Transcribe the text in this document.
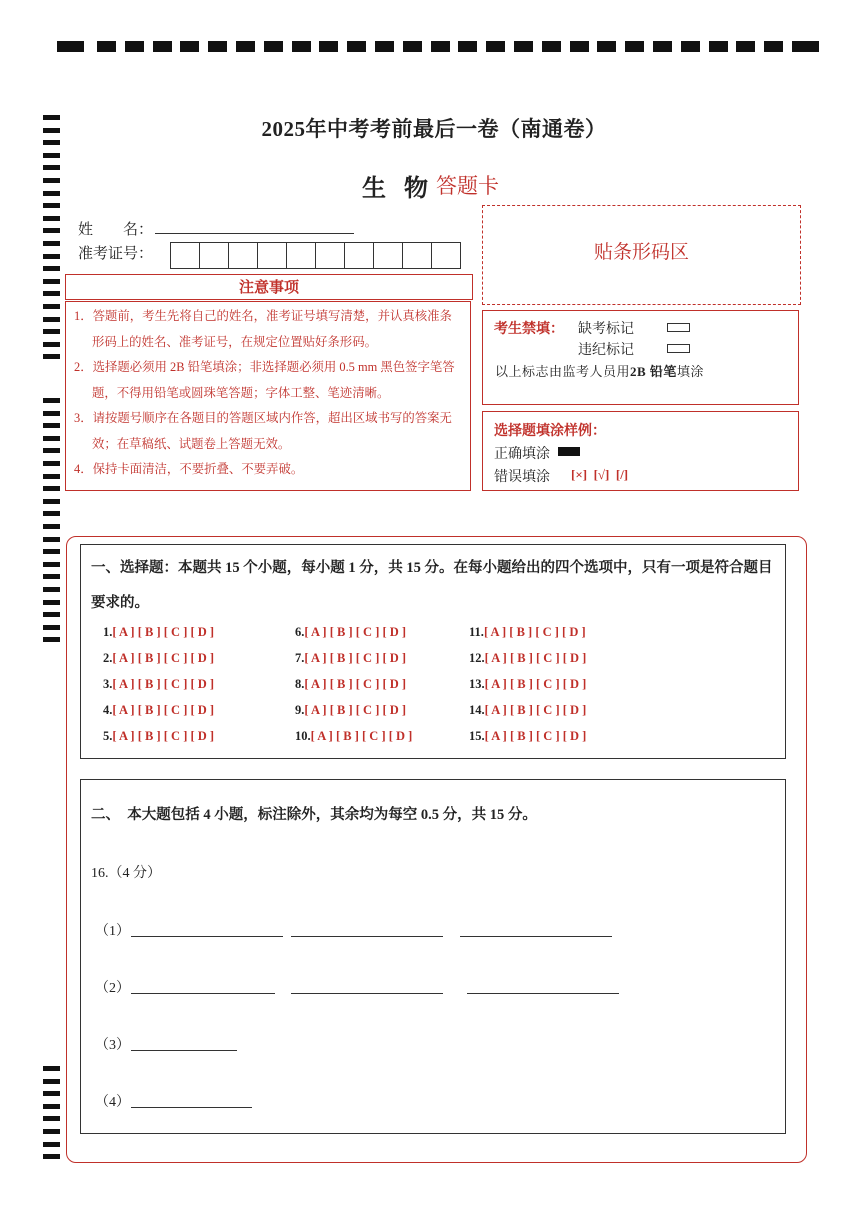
2025年中考考前最后一卷（南通卷）
生 物 答题卡
姓　　名：
准考证号：
注意事项

1．答题前，考生先将自己的姓名，准考证号填写清楚，并认真核准条形码上的姓名、准考证号，在规定位置贴好条形码。

2．选择题必须用 2B 铅笔填涂；非选择题必须用 0.5 mm 黑色签字笔答题，不得用铅笔或圆珠笔答题；字体工整、笔迹清晰。

3．请按题号顺序在各题目的答题区域内作答，超出区域书写的答案无效；在草稿纸、试题卷上答题无效。

4．保持卡面清洁，不要折叠、不要弄破。

贴条形码区
考生禁填： 缺考标记
违纪标记
以上标志由监考人员用2B 铅笔填涂
选择题填涂样例：
正确填涂
错误填涂 [×]  [√]  [/]
一、选择题：本题共 15 个小题，每小题 1 分，共 15 分。在每小题给出的四个选项中，只有一项是符合题目要求的。
1.[ A ] [ B ] [ C ] [ D ]
2.[ A ] [ B ] [ C ] [ D ]
3.[ A ] [ B ] [ C ] [ D ]
4.[ A ] [ B ] [ C ] [ D ]
5.[ A ] [ B ] [ C ] [ D ]
6.[ A ] [ B ] [ C ] [ D ]
7.[ A ] [ B ] [ C ] [ D ]
8.[ A ] [ B ] [ C ] [ D ]
9.[ A ] [ B ] [ C ] [ D ]
10.[ A ] [ B ] [ C ] [ D ]
11.[ A ] [ B ] [ C ] [ D ]
12.[ A ] [ B ] [ C ] [ D ]
13.[ A ] [ B ] [ C ] [ D ]
14.[ A ] [ B ] [ C ] [ D ]
15.[ A ] [ B ] [ C ] [ D ]
二、　本大题包括 4 小题，标注除外，其余均为每空 0.5 分，共 15 分。
16.（4 分）
（1）
（2）
（3）
（4）
